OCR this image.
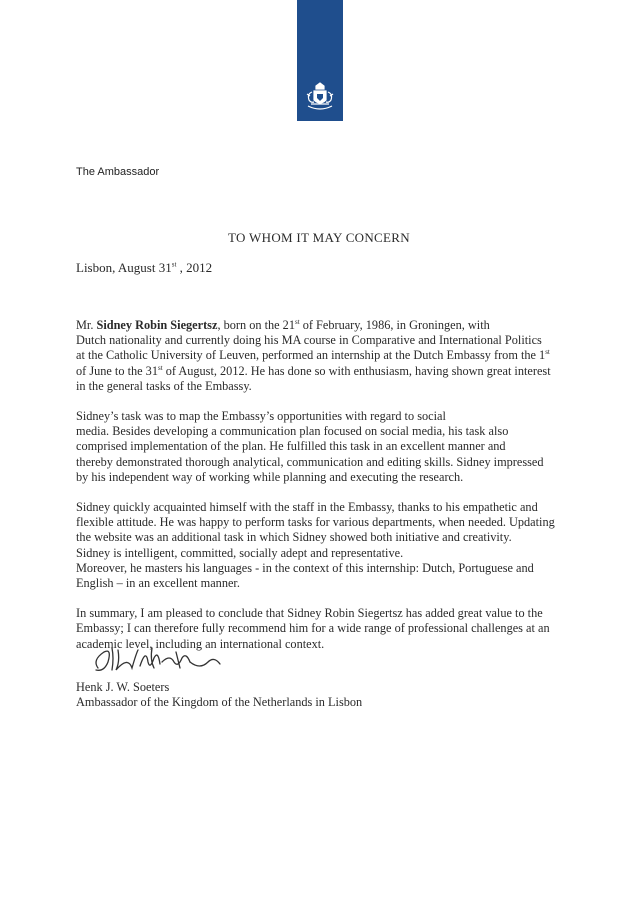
The Ambassador
TO WHOM IT MAY CONCERN
Lisbon, August 31st , 2012

Mr. Sidney Robin Siegertsz, born on the 21st of February, 1986, in Groningen, with
Dutch nationality and currently doing his MA course in Comparative and International Politics
at the Catholic University of Leuven, performed an internship at the Dutch Embassy from the 1st
of June to the 31st of August, 2012. He has done so with enthusiasm, having shown great interest
in the general tasks of the Embassy.

Sidney’s task was to map the Embassy’s opportunities with regard to social
media. Besides developing a communication plan focused on social media, his task also
comprised implementation of the plan. He fulfilled this task in an excellent manner and
thereby demonstrated thorough analytical, communication and editing skills. Sidney impressed
by his independent way of working while planning and executing the research.

Sidney quickly acquainted himself with the staff in the Embassy, thanks to his empathetic and
flexible attitude. He was happy to perform tasks for various departments, when needed. Updating
the website was an additional task in which Sidney showed both initiative and creativity.
Sidney is intelligent, committed, socially adept and representative.
Moreover, he masters his languages - in the context of this internship: Dutch, Portuguese and
English – in an excellent manner.

In summary, I am pleased to conclude that Sidney Robin Siegertsz has added great value to the
Embassy; I can therefore fully recommend him for a wide range of professional challenges at an
academic level, including an international context.

Henk J. W. Soeters
Ambassador of the Kingdom of the Netherlands in Lisbon
